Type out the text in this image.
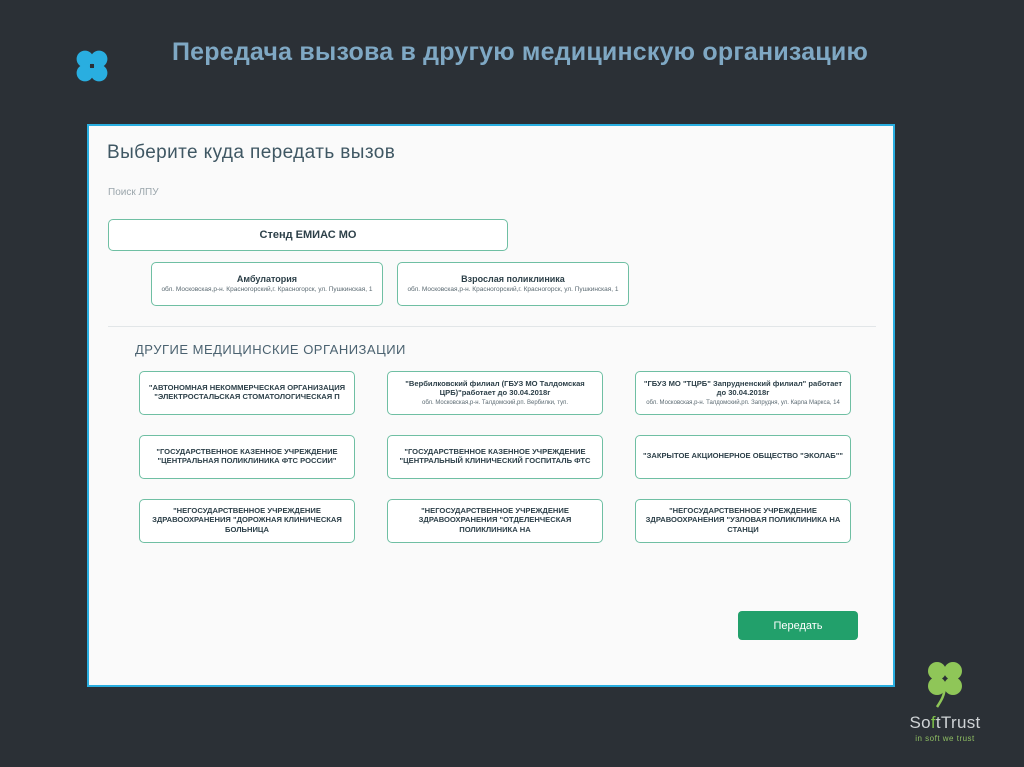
Передача вызова в другую медицинскую организацию
Выберите куда передать вызов
Поиск ЛПУ
Стенд ЕМИАС МО
Амбулатория
обл. Московская,р-н. Красногорский,г. Красногорск, ул. Пушкинская, 1
Взрослая поликлиника
обл. Московская,р-н. Красногорский,г. Красногорск, ул. Пушкинская, 1
ДРУГИЕ МЕДИЦИНСКИЕ ОРГАНИЗАЦИИ
"АВТОНОМНАЯ НЕКОММЕРЧЕСКАЯ ОРГАНИЗАЦИЯ "ЭЛЕКТРОСТАЛЬСКАЯ СТОМАТОЛОГИЧЕСКАЯ П
"Вербилковский филиал (ГБУЗ МО Талдомская ЦРБ)"работает до 30.04.2018г
обл. Московская,р-н. Талдомский,рп. Вербилки, туп.
"ГБУЗ МО "ТЦРБ" Запрудненский филиал" работает до 30.04.2018г
обл. Московская,р-н. Талдомский,рп. Запрудня, ул. Карла Маркса, 14
"ГОСУДАРСТВЕННОЕ КАЗЕННОЕ УЧРЕЖДЕНИЕ "ЦЕНТРАЛЬНАЯ ПОЛИКЛИНИКА ФТС РОССИИ"
"ГОСУДАРСТВЕННОЕ КАЗЕННОЕ УЧРЕЖДЕНИЕ "ЦЕНТРАЛЬНЫЙ КЛИНИЧЕСКИЙ ГОСПИТАЛЬ ФТС
"ЗАКРЫТОЕ АКЦИОНЕРНОЕ ОБЩЕСТВО "ЭКОЛАБ""
"НЕГОСУДАРСТВЕННОЕ УЧРЕЖДЕНИЕ ЗДРАВООХРАНЕНИЯ "ДОРОЖНАЯ КЛИНИЧЕСКАЯ БОЛЬНИЦА
"НЕГОСУДАРСТВЕННОЕ УЧРЕЖДЕНИЕ ЗДРАВООХРАНЕНИЯ "ОТДЕЛЕНЧЕСКАЯ ПОЛИКЛИНИКА НА
"НЕГОСУДАРСТВЕННОЕ УЧРЕЖДЕНИЕ ЗДРАВООХРАНЕНИЯ "УЗЛОВАЯ ПОЛИКЛИНИКА НА СТАНЦИ
Передать
SoftTrust
in soft we trust
